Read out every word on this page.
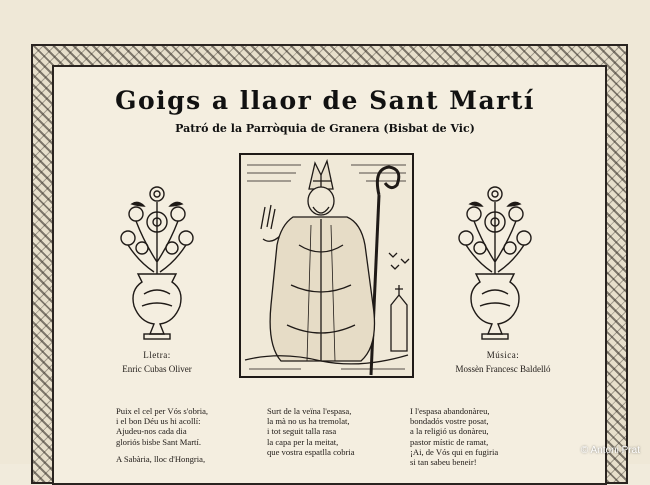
Goigs a llaor de Sant Martí
Patró de la Parròquia de Granera (Bisbat de Vic)
Lletra:
Enric Cubas Oliver
Música:
Mossèn Francesc Baldelló
Puix el cel per Vós s'obria,
i el bon Déu us hi acollí:
Ajudeu-nos cada dia
gloriós bisbe Sant Martí.
A Sabària, lloc d'Hongria,
Surt de la veïna l'espasa,
la mà no us ha tremolat,
i tot seguit talla rasa
la capa per la meitat,
que vostra espatlla cobria
I l'espasa abandonàreu,
bondadós vostre posat,
a la religió us donàreu,
pastor místic de ramat,
¡Ai, de Vós qui en fugiria
si tan sabeu beneir!
© Antoni Prat
